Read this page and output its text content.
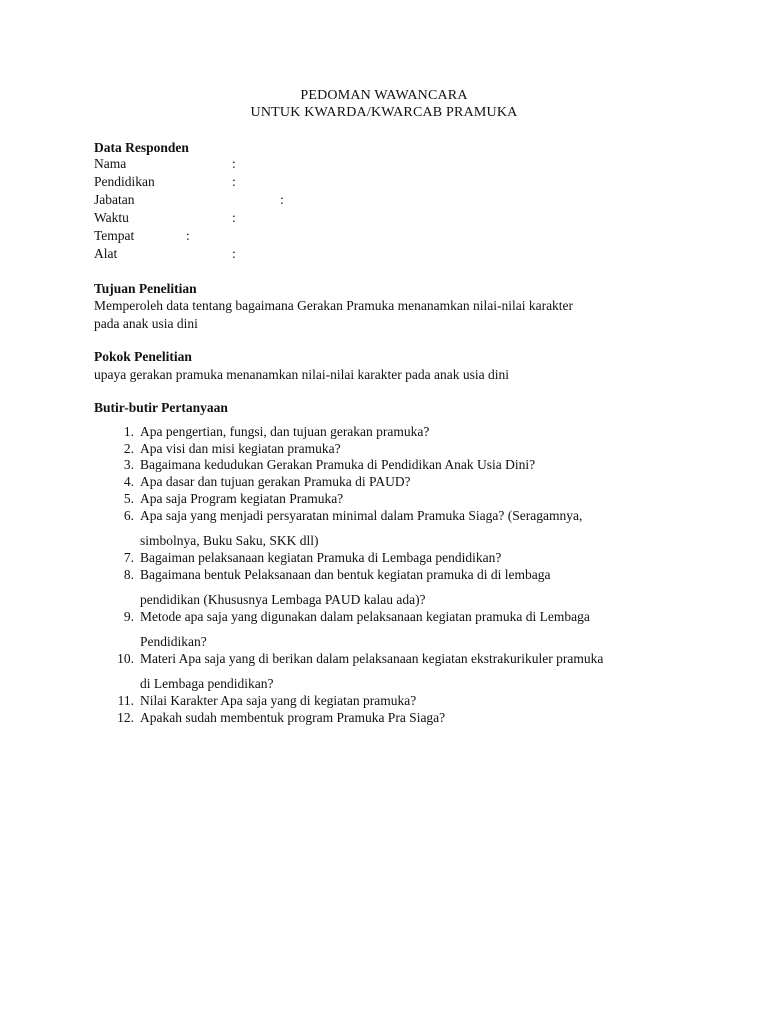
PEDOMAN WAWANCARA
UNTUK KWARDA/KWARCAB PRAMUKA
Data Responden
Nama	:
Pendidikan	:
Jabatan	:
Waktu	:
Tempat	:
Alat	:
Tujuan Penelitian
Memperoleh data tentang bagaimana Gerakan Pramuka menanamkan nilai-nilai karakter
pada anak usia dini
Pokok Penelitian
upaya gerakan pramuka menanamkan nilai-nilai karakter pada anak usia dini
Butir-butir Pertanyaan
1. Apa pengertian, fungsi, dan tujuan gerakan pramuka?
2. Apa visi dan misi kegiatan pramuka?
3. Bagaimana kedudukan Gerakan Pramuka di Pendidikan Anak Usia Dini?
4. Apa dasar dan tujuan gerakan Pramuka di PAUD?
5. Apa saja Program kegiatan Pramuka?
6. Apa saja yang menjadi persyaratan minimal dalam Pramuka Siaga? (Seragamnya,
simbolnya, Buku Saku, SKK dll)
7. Bagaiman pelaksanaan kegiatan Pramuka di Lembaga pendidikan?
8. Bagaimana bentuk Pelaksanaan dan bentuk kegiatan pramuka di di lembaga
pendidikan (Khususnya Lembaga PAUD kalau ada)?
9. Metode apa saja yang digunakan dalam pelaksanaan kegiatan pramuka di Lembaga
Pendidikan?
10. Materi Apa saja yang di berikan dalam pelaksanaan kegiatan ekstrakurikuler pramuka
di Lembaga pendidikan?
11. Nilai Karakter Apa saja yang di kegiatan pramuka?
12. Apakah sudah membentuk program Pramuka Pra Siaga?
